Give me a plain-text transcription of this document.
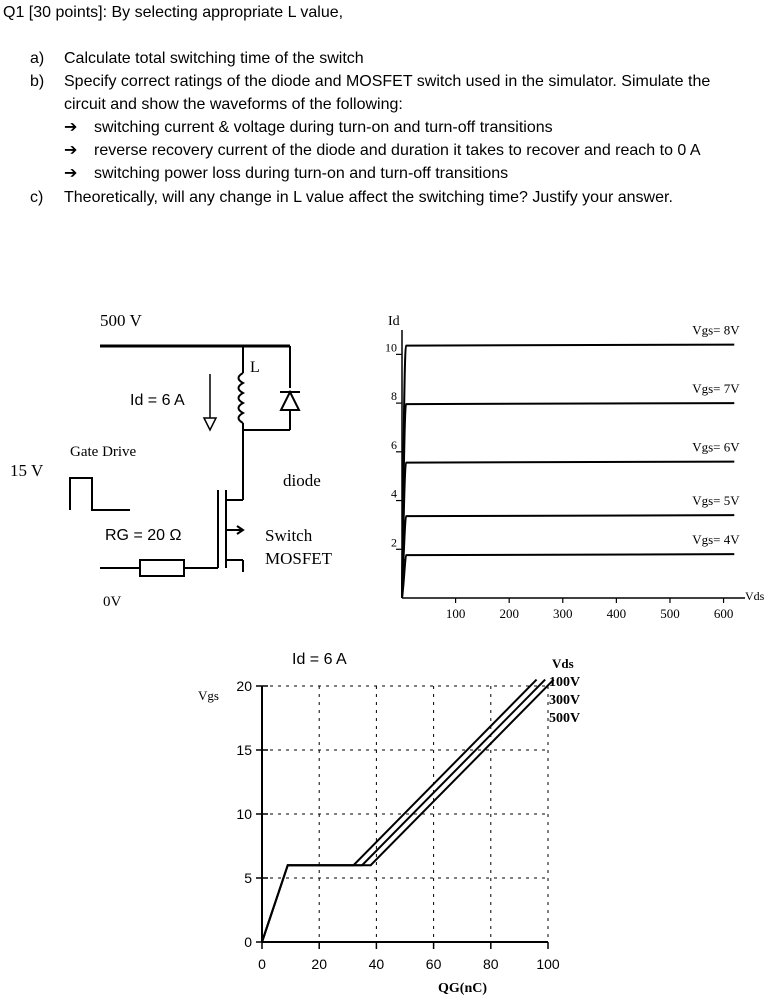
Q1 [30 points]: By selecting appropriate L value,
a) Calculate total switching time of the switch
b) Specify correct ratings of the diode and MOSFET switch used in the simulator. Simulate the
circuit and show the waveforms of the following:
➔ switching current & voltage during turn-on and turn-off transitions
➔ reverse recovery current of the diode and duration it takes to recover and reach to 0 A
➔ switching power loss during turn-on and turn-off transitions
c) Theoretically, will any change in L value affect the switching time? Justify your answer.
500 V
Id = 6 A
L
Gate Drive
15 V
RG = 20 Ω
0V
diode
Switch
MOSFET
Id
Vds
100	200	300	400	500	600
2
4
6
8
10
Vgs= 8V
Vgs= 7V
Vgs= 6V
Vgs= 5V
Vgs= 4V
Id = 6 A
Vgs
QG(nC)
Vds
0	20	40	60	80	100
0
5
10
15
20	100V
300V
500V
